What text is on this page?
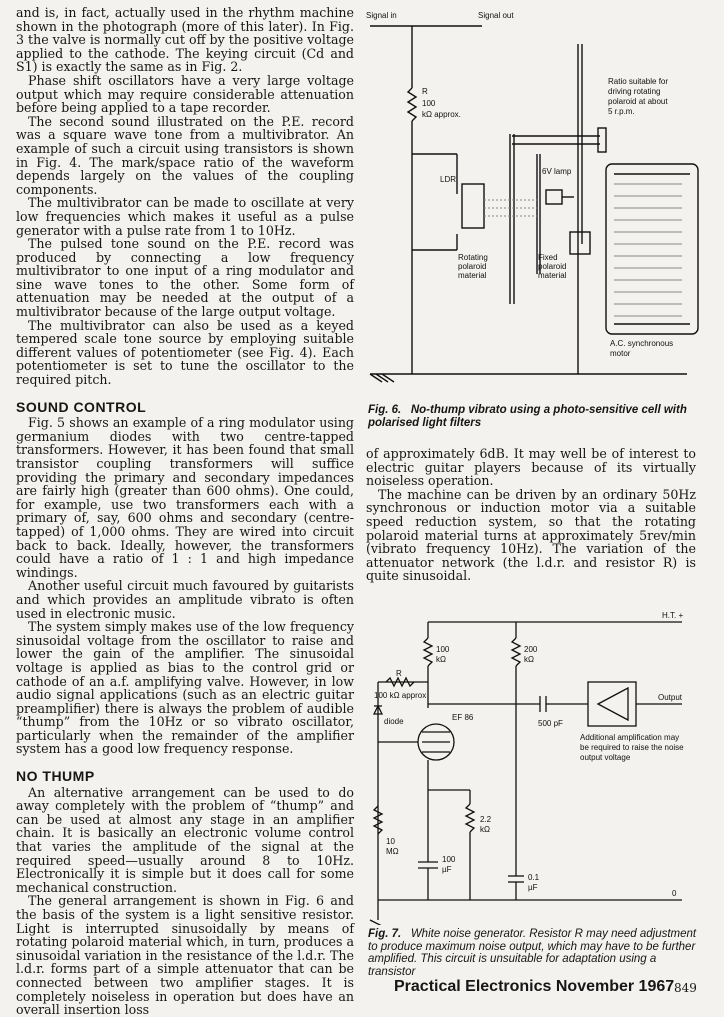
and is, in fact, actually used in the rhythm machine shown in the photograph (more of this later). In Fig. 3 the valve is normally cut off by the positive voltage applied to the cathode. The keying circuit (Cd and S1) is exactly the same as in Fig. 2.

Phase shift oscillators have a very large voltage output which may require considerable attenuation before being applied to a tape recorder.

The second sound illustrated on the P.E. record was a square wave tone from a multivibrator. An example of such a circuit using transistors is shown in Fig. 4. The mark/space ratio of the waveform depends largely on the values of the coupling components.

The multivibrator can be made to oscillate at very low frequencies which makes it useful as a pulse generator with a pulse rate from 1 to 10Hz.

The pulsed tone sound on the P.E. record was produced by connecting a low frequency multivibrator to one input of a ring modulator and sine wave tones to the other. Some form of attenuation may be needed at the output of a multivibrator because of the large output voltage.

The multivibrator can also be used as a keyed tempered scale tone source by employing suitable different values of potentiometer (see Fig. 4). Each potentiometer is set to tune the oscillator to the required pitch.

SOUND CONTROL

Fig. 5 shows an example of a ring modulator using germanium diodes with two centre-tapped transformers. However, it has been found that small transistor coupling transformers will suffice providing the primary and secondary impedances are fairly high (greater than 600 ohms). One could, for example, use two transformers each with a primary of, say, 600 ohms and secondary (centre-tapped) of 1,000 ohms. They are wired into circuit back to back. Ideally, however, the transformers could have a ratio of 1 : 1 and high impedance windings.

Another useful circuit much favoured by guitarists and which provides an amplitude vibrato is often used in electronic music.

The system simply makes use of the low frequency sinusoidal voltage from the oscillator to raise and lower the gain of the amplifier. The sinusoidal voltage is applied as bias to the control grid or cathode of an a.f. amplifying valve. However, in low audio signal applications (such as an electric guitar preamplifier) there is always the problem of audible “thump” from the 10Hz or so vibrato oscillator, particularly when the remainder of the amplifier system has a good low frequency response.

NO THUMP

An alternative arrangement can be used to do away completely with the problem of “thump” and can be used at almost any stage in an amplifier chain. It is basically an electronic volume control that varies the amplitude of the signal at the required speed—usually around 8 to 10Hz. Electronically it is simple but it does call for some mechanical construction.

The general arrangement is shown in Fig. 6 and the basis of the system is a light sensitive resistor. Light is interrupted sinusoidally by means of rotating polaroid material which, in turn, produces a sinusoidal variation in the resistance of the l.d.r. The l.d.r. forms part of a simple attenuator that can be connected between two amplifier stages. It is completely noiseless in operation but does have an overall insertion loss

of approximately 6dB. It may well be of interest to electric guitar players because of its virtually noiseless operation.

The machine can be driven by an ordinary 50Hz synchronous or induction motor via a suitable speed reduction system, so that the rotating polaroid material turns at approximately 5rev/min (vibrato frequency 10Hz). The variation of the attenuator network (the l.d.r. and resistor R) is quite sinusoidal.

Signal in	Signal out
R
100
kΩ approx.
LDR
6V lamp
Ratio suitable for
driving rotating
polaroid at about
5 r.p.m.
Rotating
polaroid
material
Fixed
polaroid
material
A.C. synchronous
motor
Fig. 6. No-thump vibrato using a photo-sensitive cell with polarised light filters
H.T. +
100
kΩ
200
kΩ
R
100 kΩ approx	Output
diode	EF 86
500 pF
Additional amplification may
be required to raise the noise
output voltage
10
MΩ
2.2
kΩ
100
µF
0.1
µF
0
Fig. 7. White noise generator. Resistor R may need adjustment to produce maximum noise output, which may have to be further amplified. This circuit is unsuitable for adaptation using a transistor
Practical Electronics November 1967 849
